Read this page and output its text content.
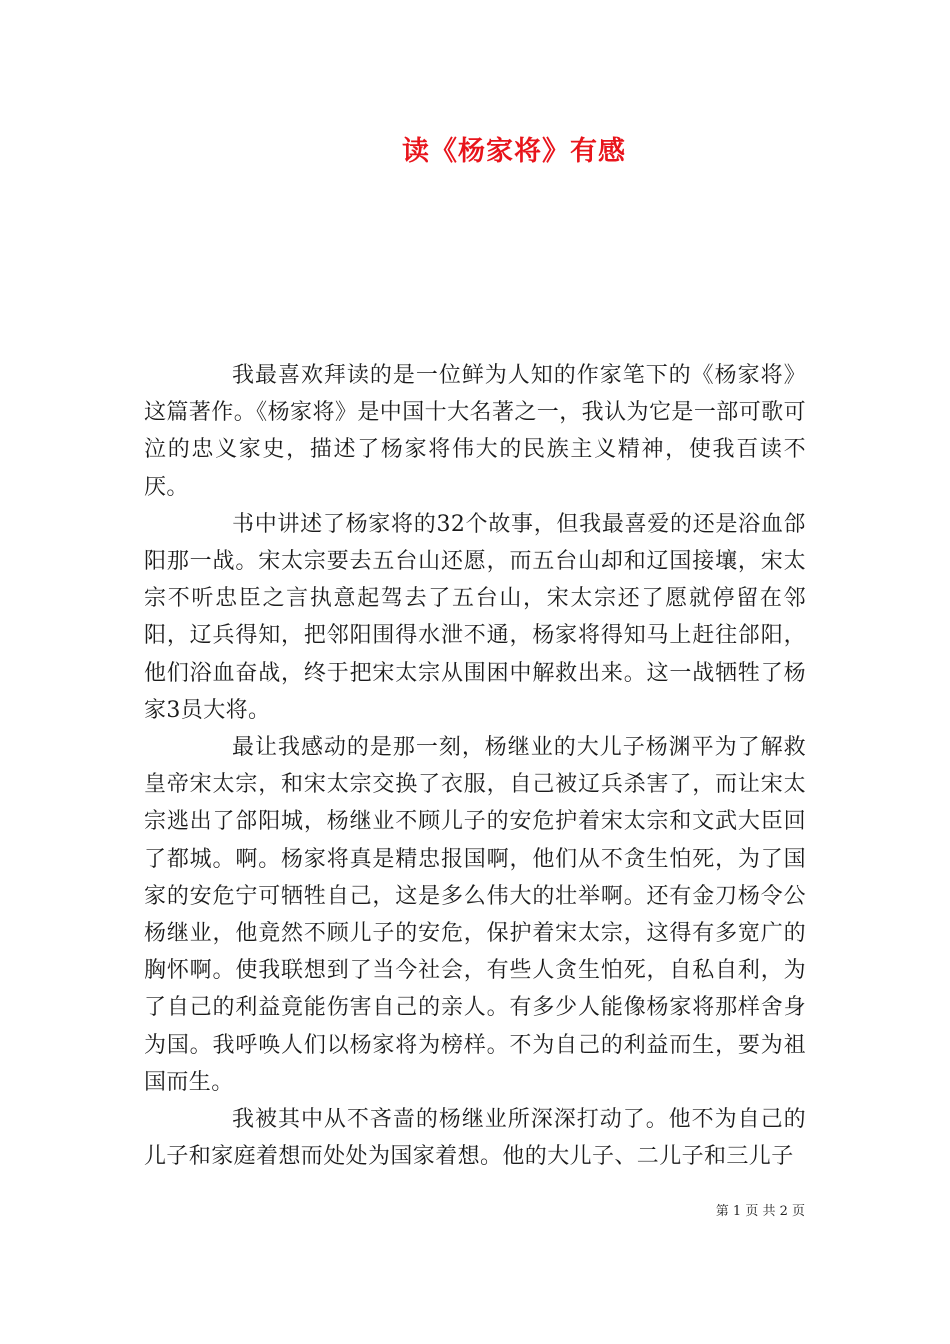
读《杨家将》有感

我最喜欢拜读的是一位鲜为人知的作家笔下的《杨家将》这篇著作。《杨家将》是中国十大名著之一，我认为它是一部可歌可泣的忠义家史，描述了杨家将伟大的民族主义精神，使我百读不厌。

书中讲述了杨家将的32个故事，但我最喜爱的还是浴血郃阳那一战。宋太宗要去五台山还愿，而五台山却和辽国接壤，宋太宗不听忠臣之言执意起驾去了五台山，宋太宗还了愿就停留在邻阳，辽兵得知，把邻阳围得水泄不通，杨家将得知马上赶往郃阳，他们浴血奋战，终于把宋太宗从围困中解救出来。这一战牺牲了杨家3员大将。

最让我感动的是那一刻，杨继业的大儿子杨渊平为了解救皇帝宋太宗，和宋太宗交换了衣服，自己被辽兵杀害了，而让宋太宗逃出了郃阳城，杨继业不顾儿子的安危护着宋太宗和文武大臣回了都城。啊。杨家将真是精忠报国啊，他们从不贪生怕死，为了国家的安危宁可牺牲自己，这是多么伟大的壮举啊。还有金刀杨令公杨继业，他竟然不顾儿子的安危，保护着宋太宗，这得有多宽广的胸怀啊。使我联想到了当今社会，有些人贪生怕死，自私自利，为了自己的利益竟能伤害自己的亲人。有多少人能像杨家将那样舍身为国。我呼唤人们以杨家将为榜样。不为自己的利益而生，要为祖国而生。

我被其中从不吝啬的杨继业所深深打动了。他不为自己的儿子和家庭着想而处处为国家着想。他的大儿子、二儿子和三儿子

第 1 页 共 2 页
